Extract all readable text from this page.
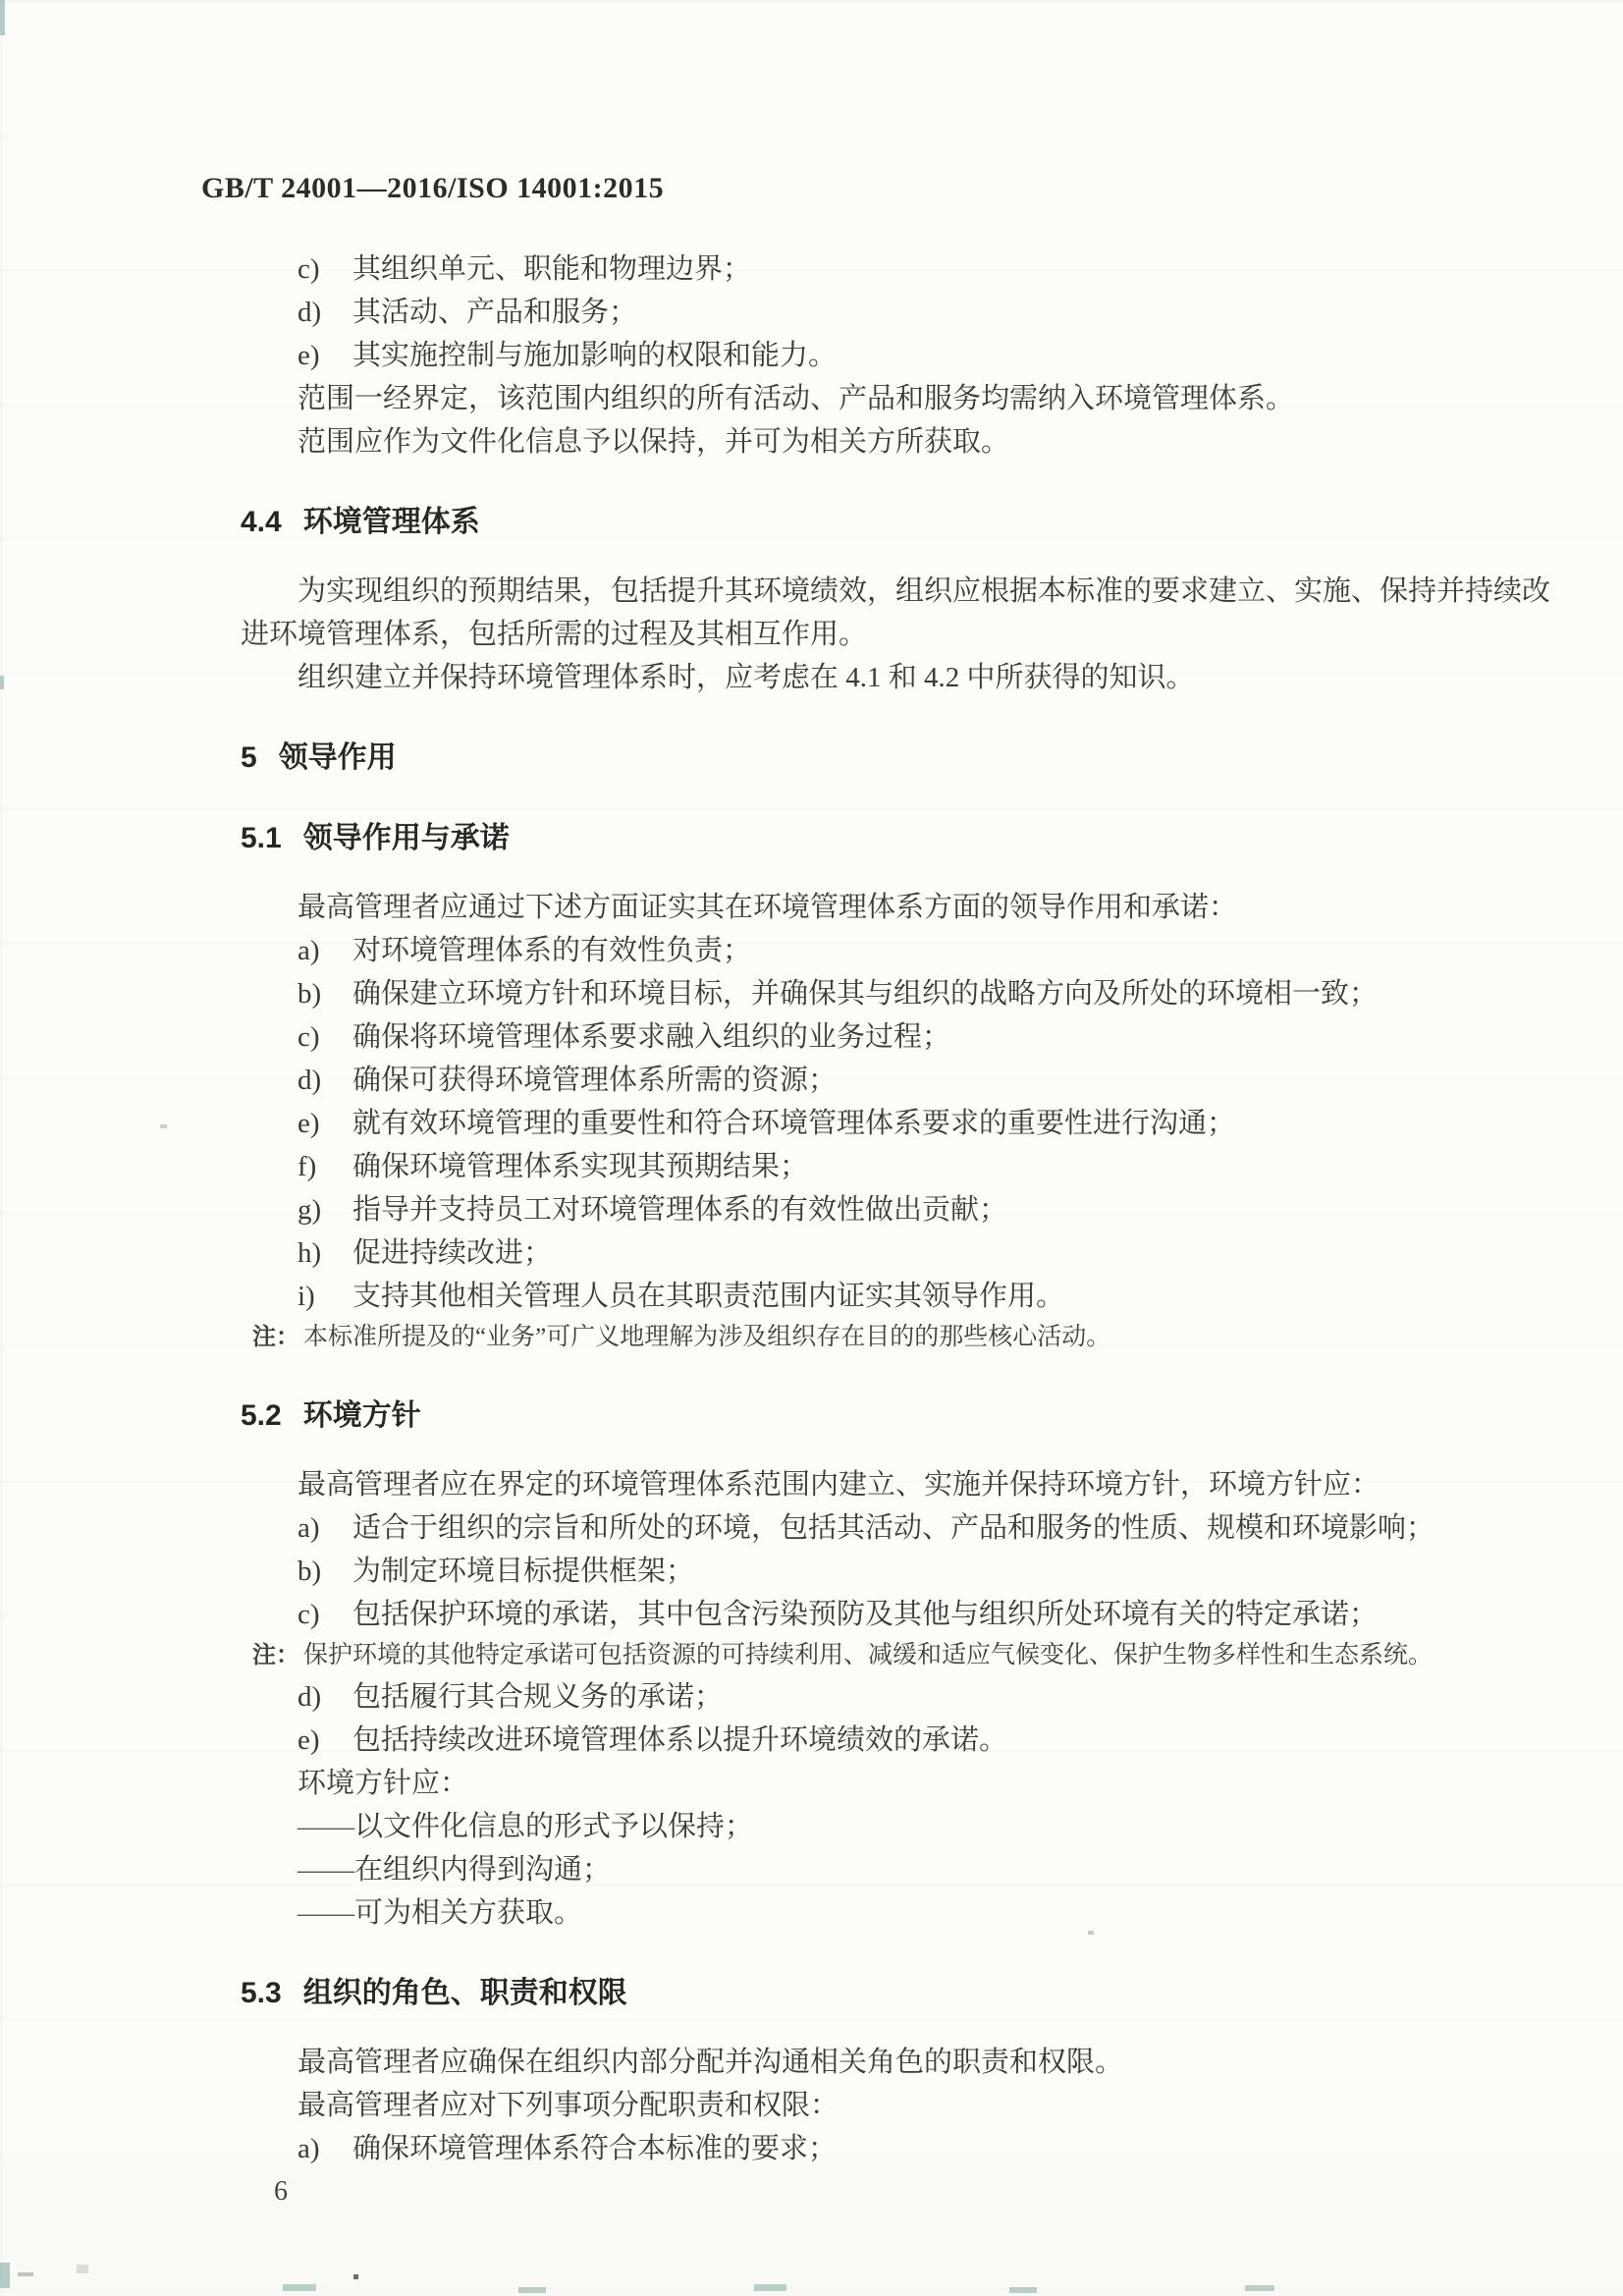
GB/T 24001—2016/ISO 14001:2015
c) 其组织单元、职能和物理边界；
d) 其活动、产品和服务；
e) 其实施控制与施加影响的权限和能力。
范围一经界定，该范围内组织的所有活动、产品和服务均需纳入环境管理体系。
范围应作为文件化信息予以保持，并可为相关方所获取。
4.4 环境管理体系
为实现组织的预期结果，包括提升其环境绩效，组织应根据本标准的要求建立、实施、保持并持续改
进环境管理体系，包括所需的过程及其相互作用。
组织建立并保持环境管理体系时，应考虑在 4.1 和 4.2 中所获得的知识。
5 领导作用
5.1 领导作用与承诺
最高管理者应通过下述方面证实其在环境管理体系方面的领导作用和承诺：
a) 对环境管理体系的有效性负责；
b) 确保建立环境方针和环境目标，并确保其与组织的战略方向及所处的环境相一致；
c) 确保将环境管理体系要求融入组织的业务过程；
d) 确保可获得环境管理体系所需的资源；
e) 就有效环境管理的重要性和符合环境管理体系要求的重要性进行沟通；
f) 确保环境管理体系实现其预期结果；
g) 指导并支持员工对环境管理体系的有效性做出贡献；
h) 促进持续改进；
i) 支持其他相关管理人员在其职责范围内证实其领导作用。
注： 本标准所提及的“业务”可广义地理解为涉及组织存在目的的那些核心活动。
5.2 环境方针
最高管理者应在界定的环境管理体系范围内建立、实施并保持环境方针，环境方针应：
a) 适合于组织的宗旨和所处的环境，包括其活动、产品和服务的性质、规模和环境影响；
b) 为制定环境目标提供框架；
c) 包括保护环境的承诺，其中包含污染预防及其他与组织所处环境有关的特定承诺；
注： 保护环境的其他特定承诺可包括资源的可持续利用、减缓和适应气候变化、保护生物多样性和生态系统。
d) 包括履行其合规义务的承诺；
e) 包括持续改进环境管理体系以提升环境绩效的承诺。
环境方针应：
——以文件化信息的形式予以保持；
——在组织内得到沟通；
——可为相关方获取。
5.3 组织的角色、职责和权限
最高管理者应确保在组织内部分配并沟通相关角色的职责和权限。
最高管理者应对下列事项分配职责和权限：
a) 确保环境管理体系符合本标准的要求；
6
